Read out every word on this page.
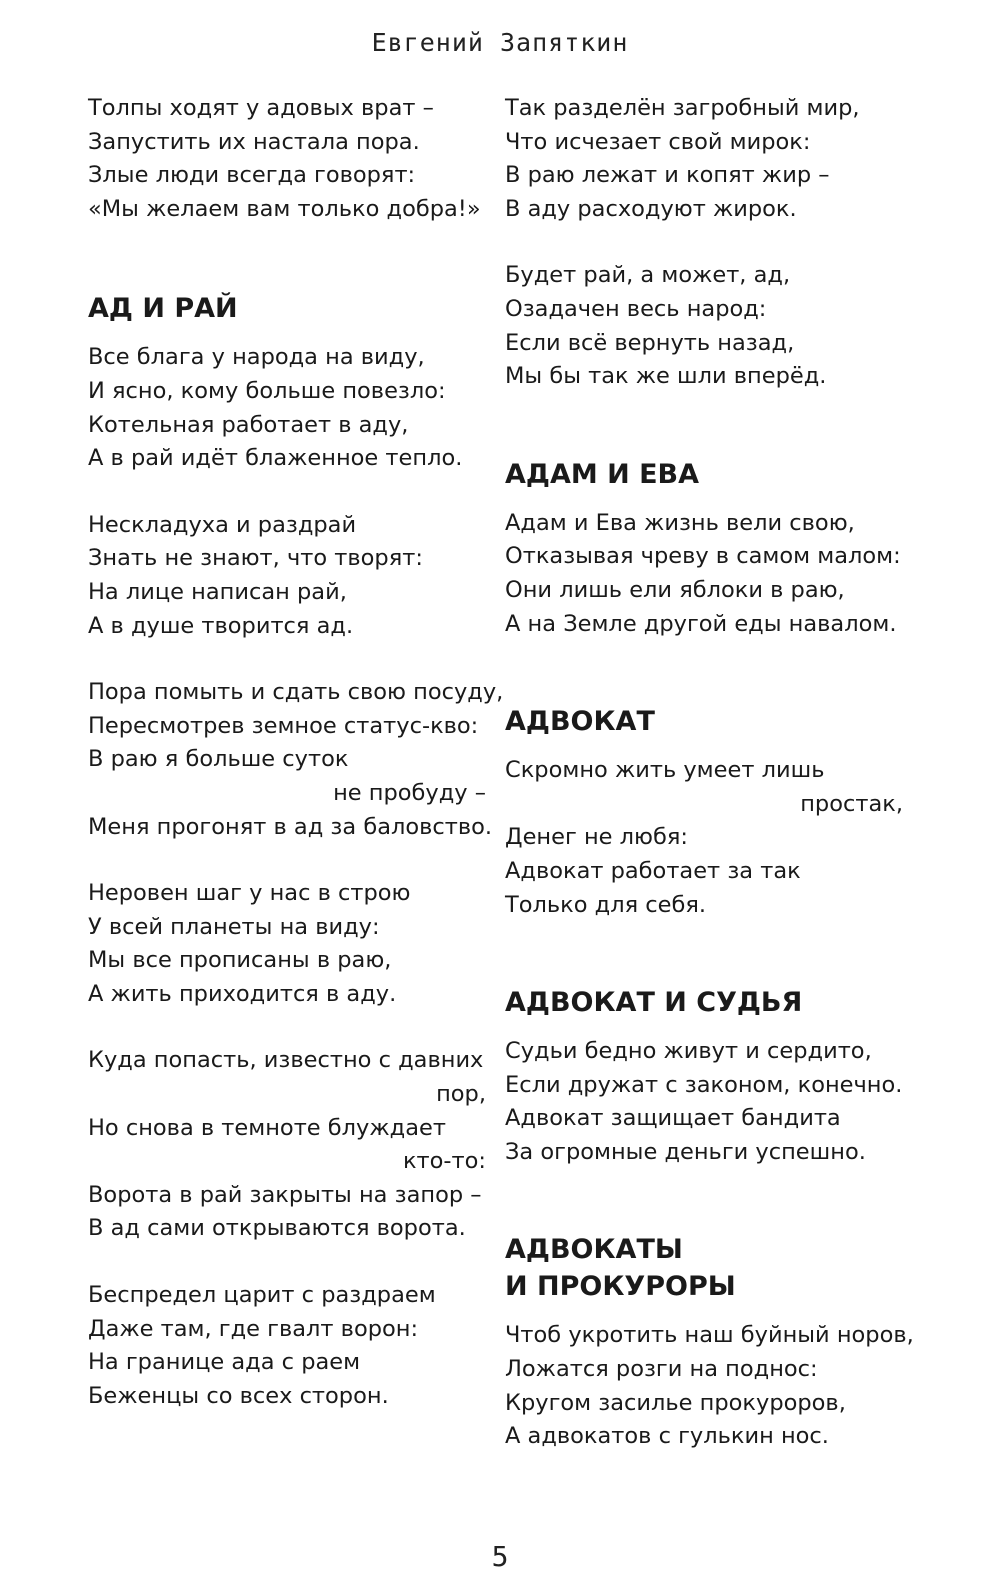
Евгений Запяткин
Толпы ходят у адовых врат –
Запустить их настала пора.
Злые люди всегда говорят:
«Мы желаем вам только добра!»
АД И РАЙ
Все блага у народа на виду,
И ясно, кому больше повезло:
Котельная работает в аду,
А в рай идёт блаженное тепло.
Нескладуха и раздрай
Знать не знают, что творят:
На лице написан рай,
А в душе творится ад.
Пора помыть и сдать свою посуду,
Пересмотрев земное статус-кво:
В раю я больше суток
не пробуду –
Меня прогонят в ад за баловство.
Неровен шаг у нас в строю
У всей планеты на виду:
Мы все прописаны в раю,
А жить приходится в аду.
Куда попасть, известно с давних
пор,
Но снова в темноте блуждает
кто-то:
Ворота в рай закрыты на запор –
В ад сами открываются ворота.
Беспредел царит с раздраем
Даже там, где гвалт ворон:
На границе ада с раем
Беженцы со всех сторон.
Так разделён загробный мир,
Что исчезает свой мирок:
В раю лежат и копят жир –
В аду расходуют жирок.
Будет рай, а может, ад,
Озадачен весь народ:
Если всё вернуть назад,
Мы бы так же шли вперёд.
АДАМ И ЕВА
Адам и Ева жизнь вели свою,
Отказывая чреву в самом малом:
Они лишь ели яблоки в раю,
А на Земле другой еды навалом.
АДВОКАТ
Скромно жить умеет лишь
простак,
Денег не любя:
Адвокат работает за так
Только для себя.
АДВОКАТ И СУДЬЯ
Судьи бедно живут и сердито,
Если дружат с законом, конечно.
Адвокат защищает бандита
За огромные деньги успешно.
АДВОКАТЫ
И ПРОКУРОРЫ
Чтоб укротить наш буйный норов,
Ложатся розги на поднос:
Кругом засилье прокуроров,
А адвокатов с гулькин нос.
5
